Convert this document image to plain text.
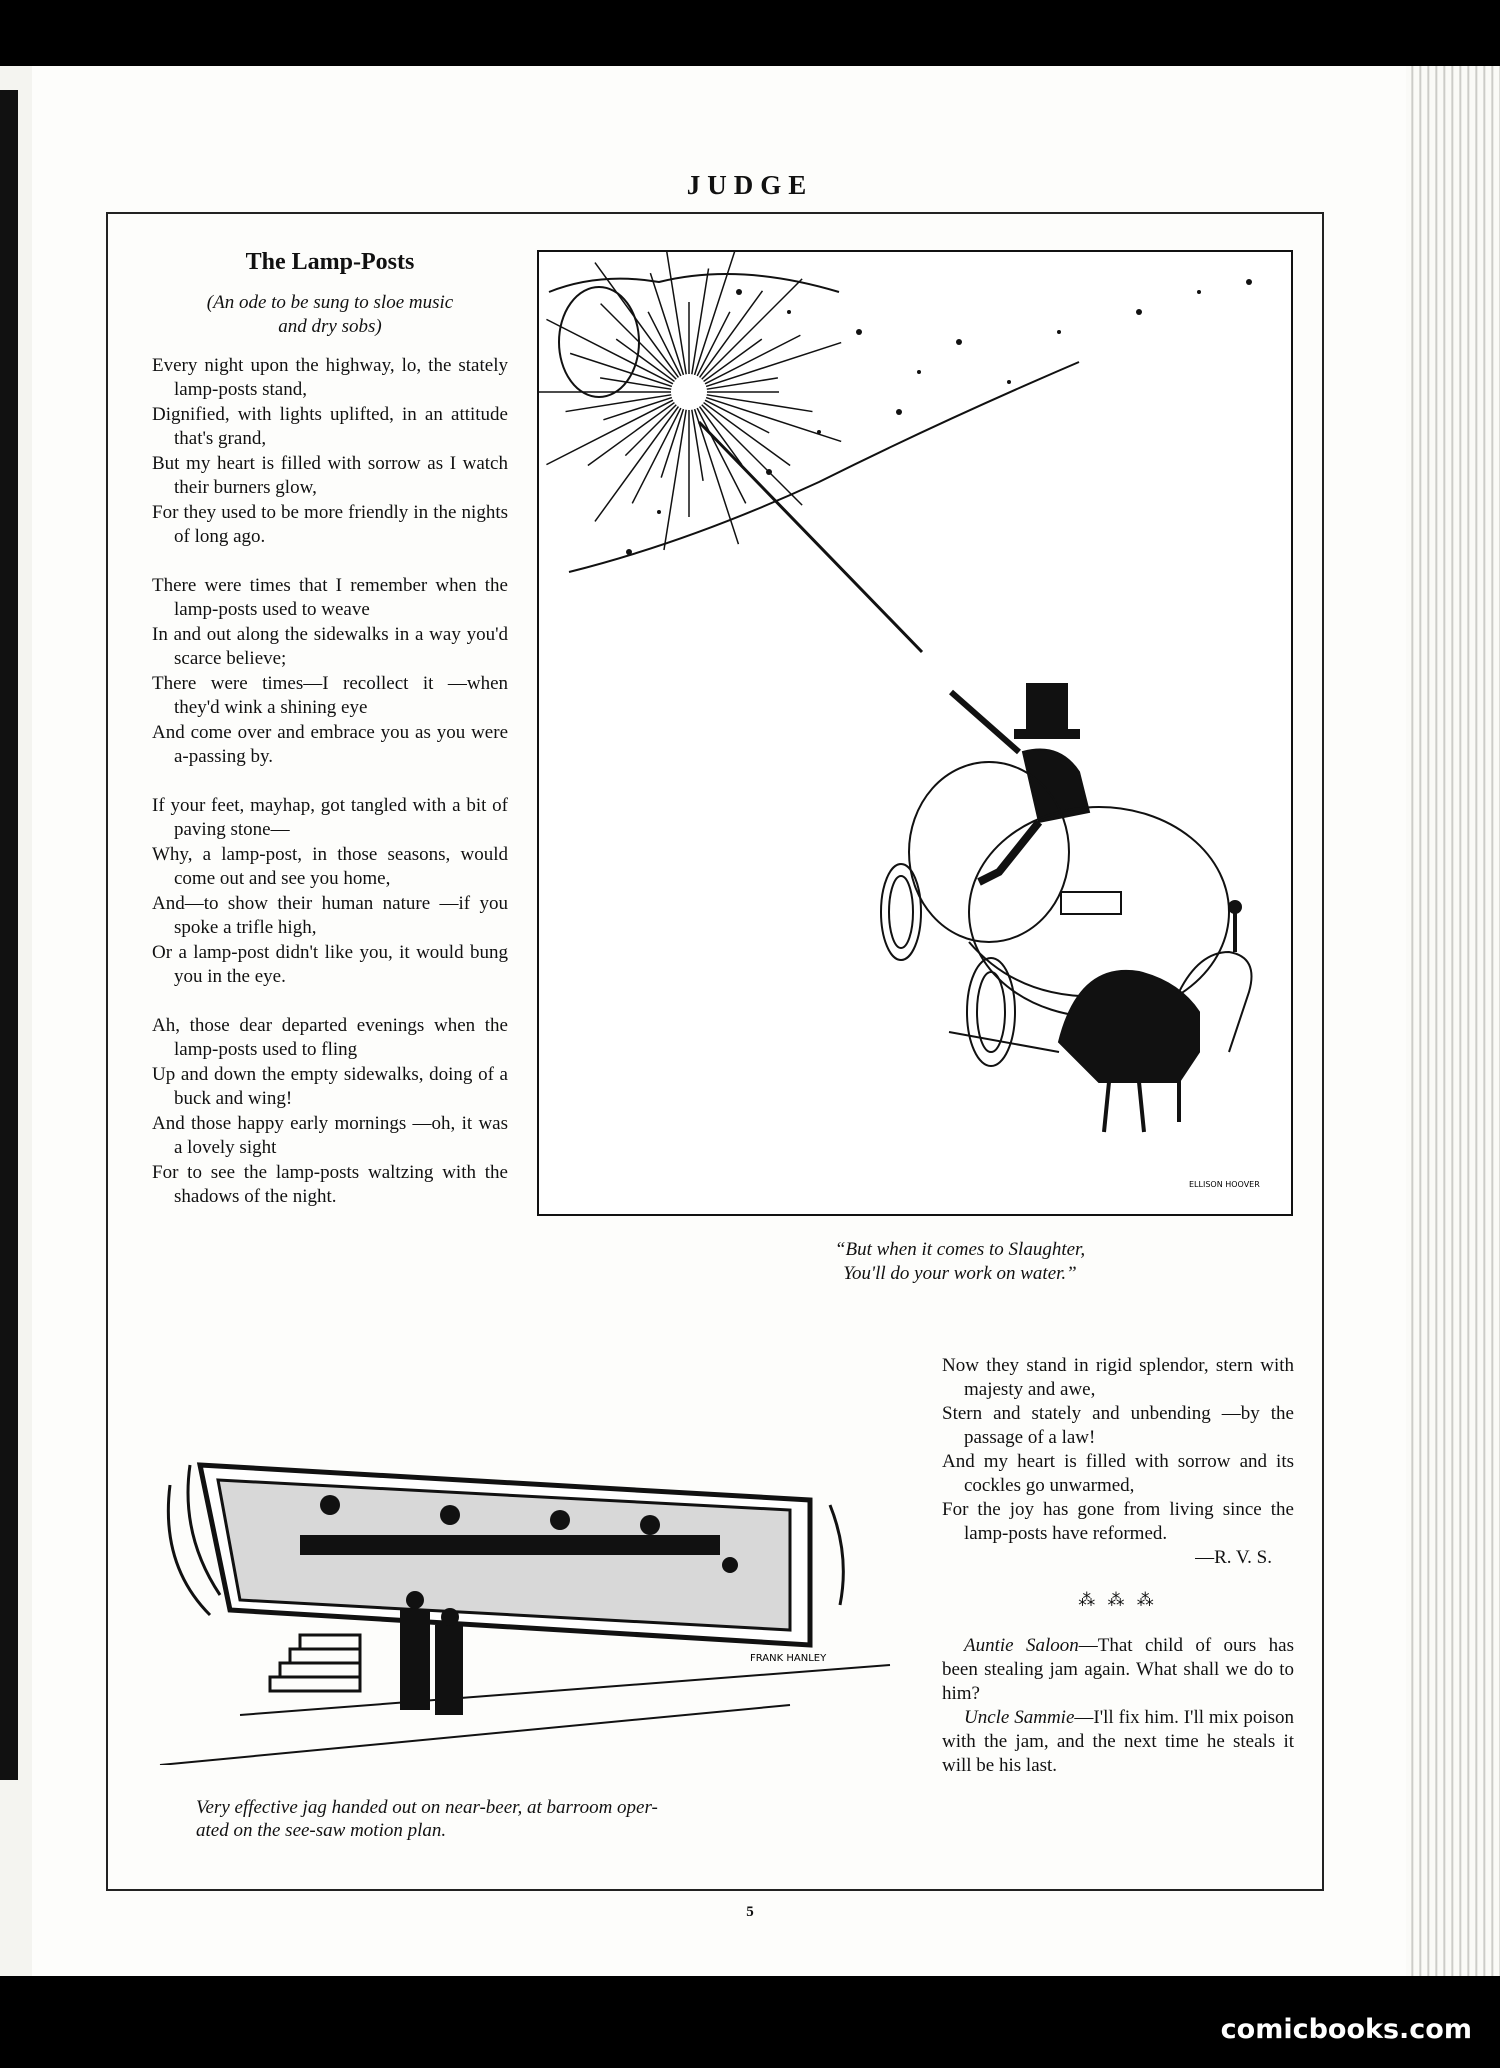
JUDGE
The Lamp-Posts
(An ode to be sung to sloe music
and dry sobs)
Every night upon the highway, lo, the stately lamp-posts stand,
Dignified, with lights uplifted, in an attitude that's grand,
But my heart is filled with sorrow as I watch their burners glow,
For they used to be more friendly in the nights of long ago.
There were times that I remember when the lamp-posts used to weave
In and out along the sidewalks in a way you'd scarce believe;
There were times—I recollect it —when they'd wink a shining eye
And come over and embrace you as you were a-passing by.
If your feet, mayhap, got tangled with a bit of paving stone—
Why, a lamp-post, in those seasons, would come out and see you home,
And—to show their human nature —if you spoke a trifle high,
Or a lamp-post didn't like you, it would bung you in the eye.
Ah, those dear departed evenings when the lamp-posts used to fling
Up and down the empty sidewalks, doing of a buck and wing!
And those happy early mornings —oh, it was a lovely sight
For to see the lamp-posts waltzing with the shadows of the night.
ELLISON HOOVER
“But when it comes to Slaughter,
You'll do your work on water.”
FRANK HANLEY
Very effective jag handed out on near-beer, at barroom oper-
ated on the see-saw motion plan.
Now they stand in rigid splendor, stern with majesty and awe,
Stern and stately and unbending —by the passage of a law!
And my heart is filled with sorrow and its cockles go unwarmed,
For the joy has gone from living since the lamp-posts have reformed.
—R. V. S.
⁂ ⁂ ⁂

Auntie Saloon—That child of ours has been stealing jam again. What shall we do to him?

Uncle Sammie—I'll fix him. I'll mix poison with the jam, and the next time he steals it will be his last.

5
comicbooks.com
